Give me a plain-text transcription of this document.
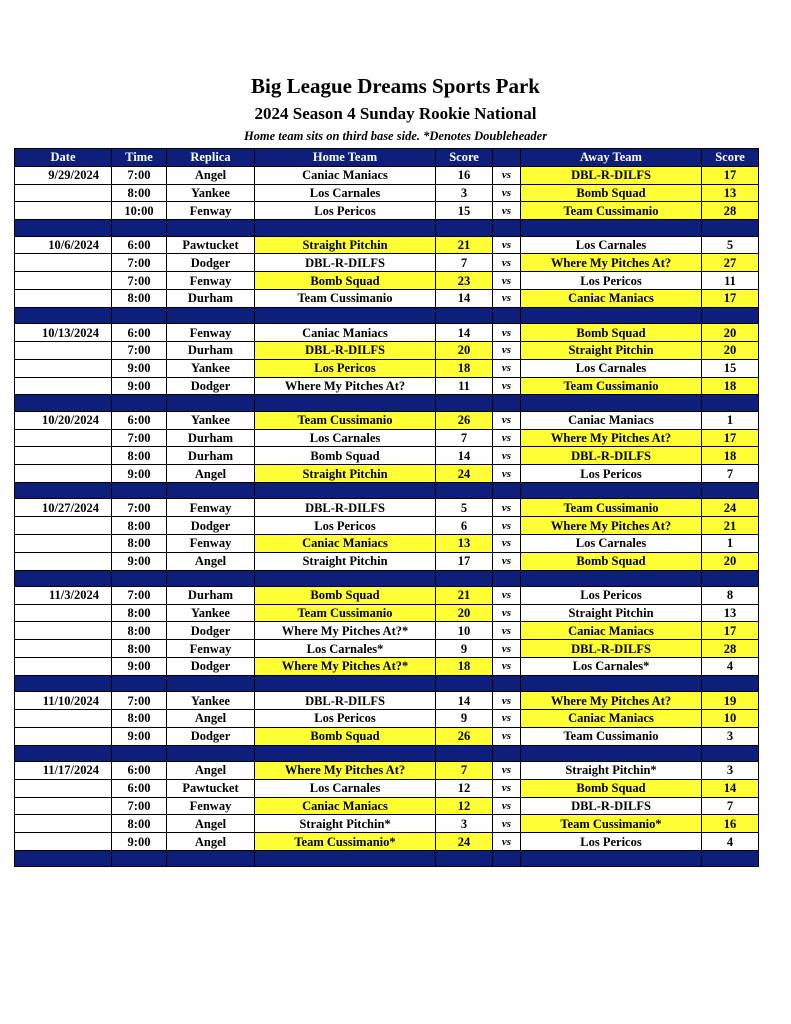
Big League Dreams Sports Park
2024 Season 4 Sunday Rookie National
Home team sits on third base side. *Denotes Doubleheader
Date	Time	Replica	Home Team	Score		Away Team	Score
9/29/2024	7:00	Angel	Caniac Maniacs	16	vs	DBL-R-DILFS	17
	8:00	Yankee	Los Carnales	3	vs	Bomb Squad	13
	10:00	Fenway	Los Pericos	15	vs	Team Cussimanio	28

10/6/2024	6:00	Pawtucket	Straight Pitchin	21	vs	Los Carnales	5
	7:00	Dodger	DBL-R-DILFS	7	vs	Where My Pitches At?	27
	7:00	Fenway	Bomb Squad	23	vs	Los Pericos	11
	8:00	Durham	Team Cussimanio	14	vs	Caniac Maniacs	17

10/13/2024	6:00	Fenway	Caniac Maniacs	14	vs	Bomb Squad	20
	7:00	Durham	DBL-R-DILFS	20	vs	Straight Pitchin	20
	9:00	Yankee	Los Pericos	18	vs	Los Carnales	15
	9:00	Dodger	Where My Pitches At?	11	vs	Team Cussimanio	18

10/20/2024	6:00	Yankee	Team Cussimanio	26	vs	Caniac Maniacs	1
	7:00	Durham	Los Carnales	7	vs	Where My Pitches At?	17
	8:00	Durham	Bomb Squad	14	vs	DBL-R-DILFS	18
	9:00	Angel	Straight Pitchin	24	vs	Los Pericos	7

10/27/2024	7:00	Fenway	DBL-R-DILFS	5	vs	Team Cussimanio	24
	8:00	Dodger	Los Pericos	6	vs	Where My Pitches At?	21
	8:00	Fenway	Caniac Maniacs	13	vs	Los Carnales	1
	9:00	Angel	Straight Pitchin	17	vs	Bomb Squad	20

11/3/2024	7:00	Durham	Bomb Squad	21	vs	Los Pericos	8
	8:00	Yankee	Team Cussimanio	20	vs	Straight Pitchin	13
	8:00	Dodger	Where My Pitches At?*	10	vs	Caniac Maniacs	17
	8:00	Fenway	Los Carnales*	9	vs	DBL-R-DILFS	28
	9:00	Dodger	Where My Pitches At?*	18	vs	Los Carnales*	4

11/10/2024	7:00	Yankee	DBL-R-DILFS	14	vs	Where My Pitches At?	19
	8:00	Angel	Los Pericos	9	vs	Caniac Maniacs	10
	9:00	Dodger	Bomb Squad	26	vs	Team Cussimanio	3

11/17/2024	6:00	Angel	Where My Pitches At?	7	vs	Straight Pitchin*	3
	6:00	Pawtucket	Los Carnales	12	vs	Bomb Squad	14
	7:00	Fenway	Caniac Maniacs	12	vs	DBL-R-DILFS	7
	8:00	Angel	Straight Pitchin*	3	vs	Team Cussimanio*	16
	9:00	Angel	Team Cussimanio*	24	vs	Los Pericos	4
